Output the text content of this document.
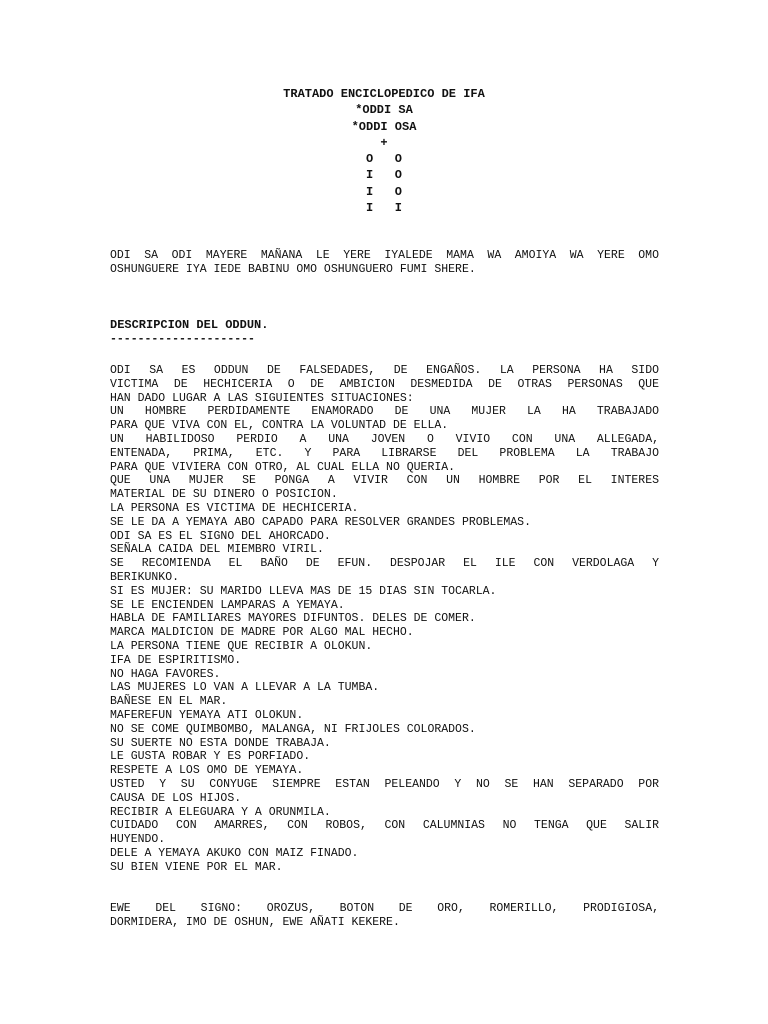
TRATADO ENCICLOPEDICO DE IFA
*ODDI SA
*ODDI OSA
+
O   O
I   O
I   O
I   I
ODI SA ODI MAYERE MAÑANA LE YERE IYALEDE MAMA WA AMOIYA WA YERE OMO
OSHUNGUERE IYA IEDE BABINU OMO OSHUNGUERO FUMI SHERE.
DESCRIPCION DEL ODDUN.
---------------------
ODI SA ES ODDUN DE FALSEDADES, DE ENGAÑOS. LA PERSONA HA SIDO
VICTIMA DE HECHICERIA O DE AMBICION DESMEDIDA DE OTRAS PERSONAS QUE
HAN DADO LUGAR A LAS SIGUIENTES SITUACIONES:
UN HOMBRE PERDIDAMENTE ENAMORADO DE UNA MUJER LA HA TRABAJADO
PARA QUE VIVA CON EL, CONTRA LA VOLUNTAD DE ELLA.
UN HABILIDOSO PERDIO A UNA JOVEN O VIVIO CON UNA ALLEGADA,
ENTENADA, PRIMA, ETC. Y PARA LIBRARSE DEL PROBLEMA LA TRABAJO
PARA QUE VIVIERA CON OTRO, AL CUAL ELLA NO QUERIA.
QUE UNA MUJER SE PONGA A VIVIR CON UN HOMBRE POR EL INTERES
MATERIAL DE SU DINERO O POSICION.
LA PERSONA ES VICTIMA DE HECHICERIA.
SE LE DA A YEMAYA ABO CAPADO PARA RESOLVER GRANDES PROBLEMAS.
ODI SA ES EL SIGNO DEL AHORCADO.
SEÑALA CAIDA DEL MIEMBRO VIRIL.
SE RECOMIENDA EL BAÑO DE EFUN. DESPOJAR EL ILE CON VERDOLAGA Y
BERIKUNKO.
SI ES MUJER: SU MARIDO LLEVA MAS DE 15 DIAS SIN TOCARLA.
SE LE ENCIENDEN LAMPARAS A YEMAYA.
HABLA DE FAMILIARES MAYORES DIFUNTOS. DELES DE COMER.
MARCA MALDICION DE MADRE POR ALGO MAL HECHO.
LA PERSONA TIENE QUE RECIBIR A OLOKUN.
IFA DE ESPIRITISMO.
NO HAGA FAVORES.
LAS MUJERES LO VAN A LLEVAR A LA TUMBA.
BAÑESE EN EL MAR.
MAFEREFUN YEMAYA ATI OLOKUN.
NO SE COME QUIMBOMBO, MALANGA, NI FRIJOLES COLORADOS.
SU SUERTE NO ESTA DONDE TRABAJA.
LE GUSTA ROBAR Y ES PORFIADO.
RESPETE A LOS OMO DE YEMAYA.
USTED Y SU CONYUGE SIEMPRE ESTAN PELEANDO Y NO SE HAN SEPARADO POR
CAUSA DE LOS HIJOS.
RECIBIR A ELEGUARA Y A ORUNMILA.
CUIDADO CON AMARRES, CON ROBOS, CON CALUMNIAS NO TENGA QUE SALIR
HUYENDO.
DELE A YEMAYA AKUKO CON MAIZ FINADO.
SU BIEN VIENE POR EL MAR.
EWE DEL SIGNO: OROZUS, BOTON DE ORO, ROMERILLO, PRODIGIOSA,
DORMIDERA, IMO DE OSHUN, EWE AÑATI KEKERE.
